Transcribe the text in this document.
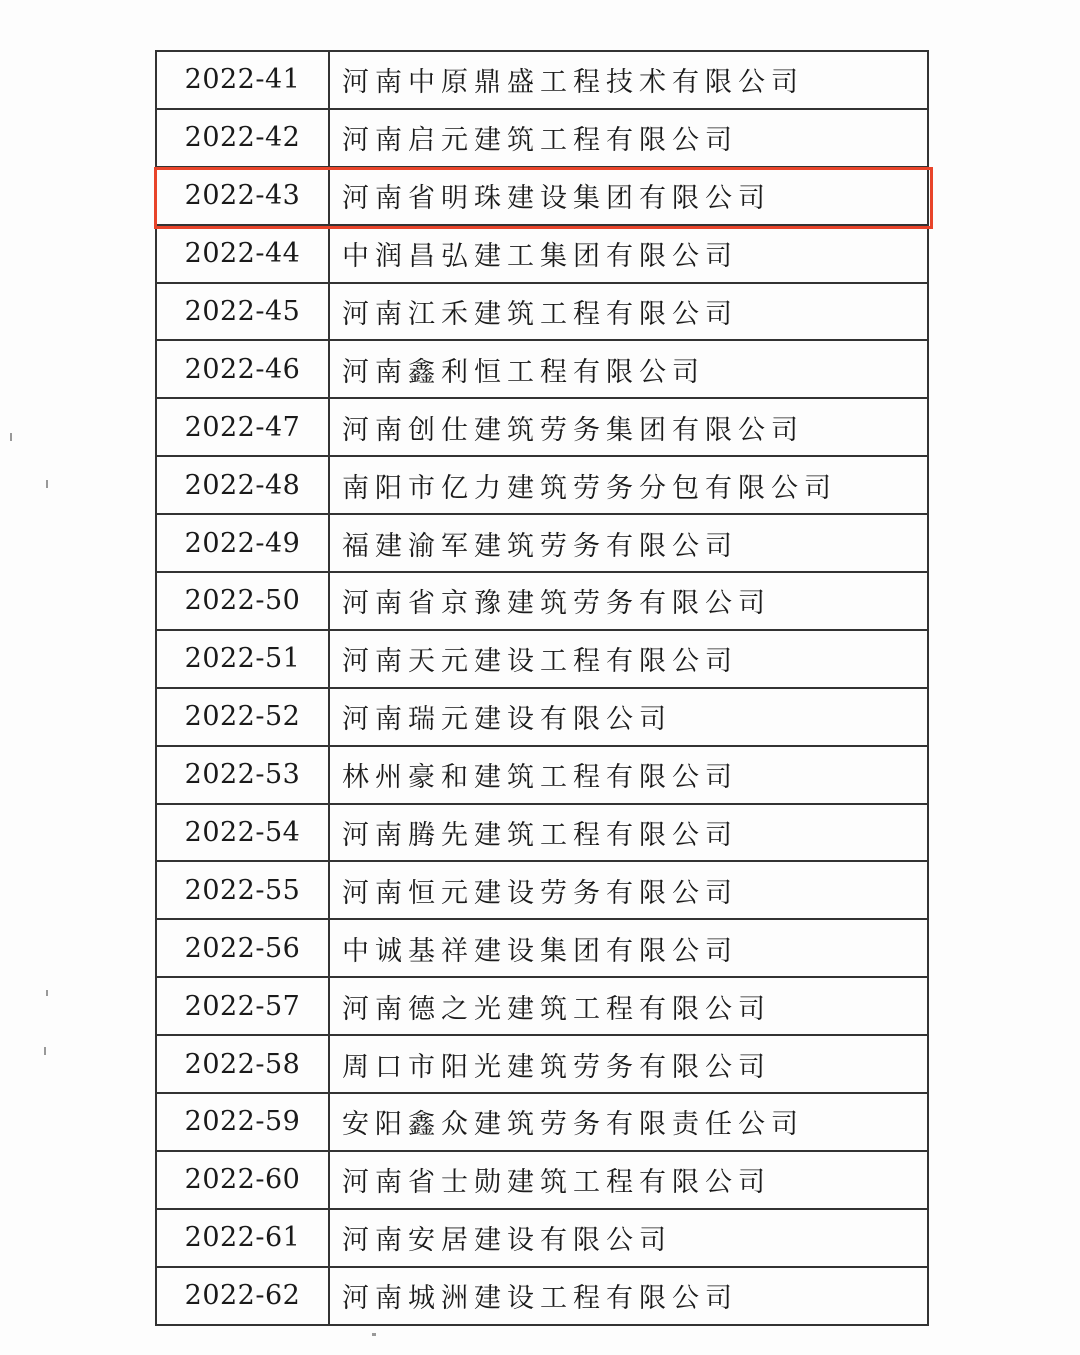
2022-41	河南中原鼎盛工程技术有限公司
2022-42	河南启元建筑工程有限公司
2022-43	河南省明珠建设集团有限公司
2022-44	中润昌弘建工集团有限公司
2022-45	河南江禾建筑工程有限公司
2022-46	河南鑫利恒工程有限公司
2022-47	河南创仕建筑劳务集团有限公司
2022-48	南阳市亿力建筑劳务分包有限公司
2022-49	福建渝军建筑劳务有限公司
2022-50	河南省京豫建筑劳务有限公司
2022-51	河南天元建设工程有限公司
2022-52	河南瑞元建设有限公司
2022-53	林州豪和建筑工程有限公司
2022-54	河南腾先建筑工程有限公司
2022-55	河南恒元建设劳务有限公司
2022-56	中诚基祥建设集团有限公司
2022-57	河南德之光建筑工程有限公司
2022-58	周口市阳光建筑劳务有限公司
2022-59	安阳鑫众建筑劳务有限责任公司
2022-60	河南省士勋建筑工程有限公司
2022-61	河南安居建设有限公司
2022-62	河南城洲建设工程有限公司
